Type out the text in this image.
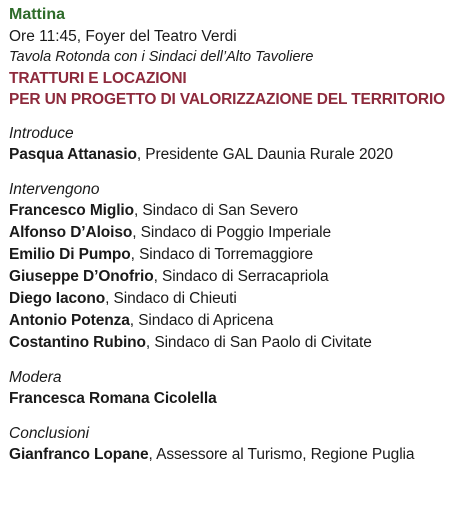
Mattina
Ore 11:45, Foyer del Teatro Verdi
Tavola Rotonda con i Sindaci dell’Alto Tavoliere
TRATTURI E LOCAZIONI
PER UN PROGETTO DI VALORIZZAZIONE DEL TERRITORIO
Introduce
Pasqua Attanasio, Presidente GAL Daunia Rurale 2020
Intervengono
Francesco Miglio, Sindaco di San Severo
Alfonso D’Aloiso, Sindaco di Poggio Imperiale
Emilio Di Pumpo, Sindaco di Torremaggiore
Giuseppe D’Onofrio, Sindaco di Serracapriola
Diego Iacono, Sindaco di Chieuti
Antonio Potenza, Sindaco di Apricena
Costantino Rubino, Sindaco di San Paolo di Civitate
Modera
Francesca Romana Cicolella
Conclusioni
Gianfranco Lopane, Assessore al Turismo, Regione Puglia
